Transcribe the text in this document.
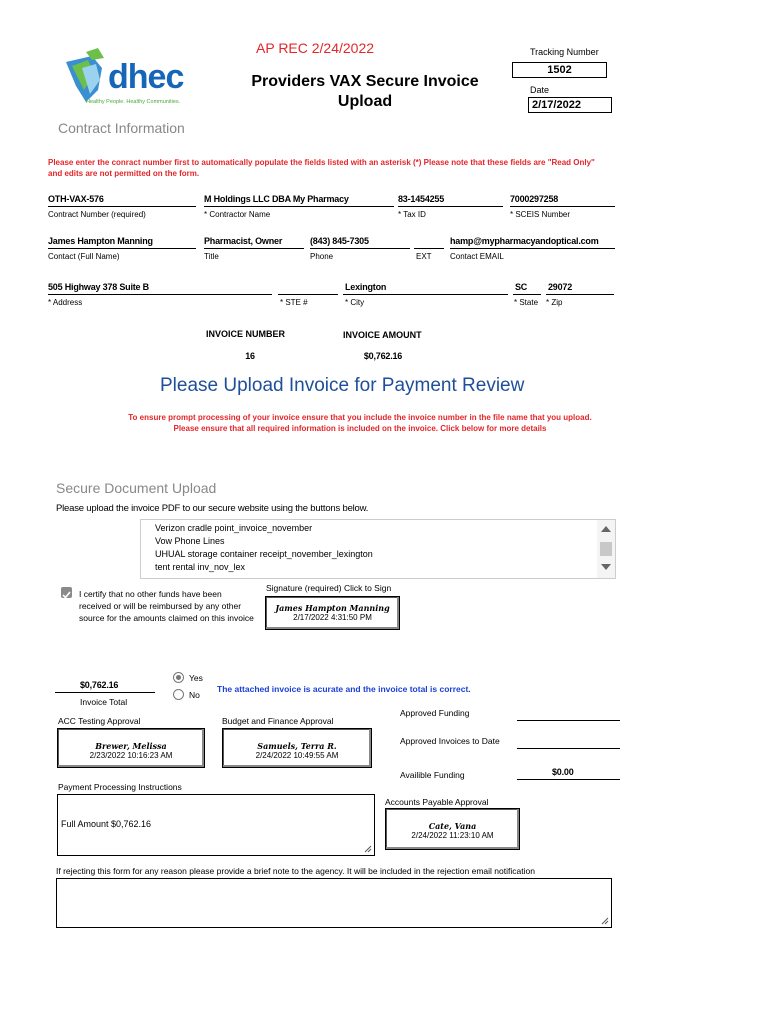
AP REC 2/24/2022
dhec
Healthy People. Healthy Communities.
Providers VAX Secure Invoice
Upload
Tracking Number
1502
Date
2/17/2022
Contract Information
Please enter the conract number first to automatically populate the fields listed with an asterisk (*) Please note that these fields are "Read Only" and edits are not permitted on the form.
OTH-VAX-576
Contract Number (required)
M Holdings LLC DBA My Pharmacy
* Contractor Name
83-1454255
* Tax ID
7000297258
* SCEIS Number
James Hampton Manning
Contact (Full Name)
Pharmacist, Owner
Title
(843) 845-7305
Phone	EXT
hamp@mypharmacyandoptical.com
Contact EMAIL
505 Highway 378 Suite B
* Address	* STE #
Lexington
* City
SC
* State
29072
* Zip
INVOICE NUMBER
16
INVOICE AMOUNT
$0,762.16
Please Upload Invoice for Payment Review
To ensure prompt processing of your invoice ensure that you include the invoice number in the file name that you upload.
Please ensure that all required information is included on the invoice. Click below for more details
Secure Document Upload
Please upload the invoice PDF to our secure website using the buttons below.
Verizon cradle point_invoice_november
Vow Phone Lines
UHUAL storage container receipt_november_lexington
tent rental inv_nov_lex
I certify that no other funds have been received or will be reimbursed by any other source for the amounts claimed on this invoice
Signature (required) Click to Sign
James Hampton Manning
2/17/2022 4:31:50 PM
$0,762.16
Invoice Total
Yes
No
The attached invoice is acurate and the invoice total is correct.
Approved Funding
ACC Testing Approval
Brewer, Melissa
2/23/2022 10:16:23 AM
Budget and Finance Approval
Samuels, Terra R.
2/24/2022 10:49:55 AM
Approved Invoices to Date
Availible Funding	$0.00
Accounts Payable Approval
Cate, Vana
2/24/2022 11:23:10 AM
Payment Processing Instructions

Full Amount $0,762.16

If rejecting this form for any reason please provide a brief note to the agency. It will be included in the rejection email notification
